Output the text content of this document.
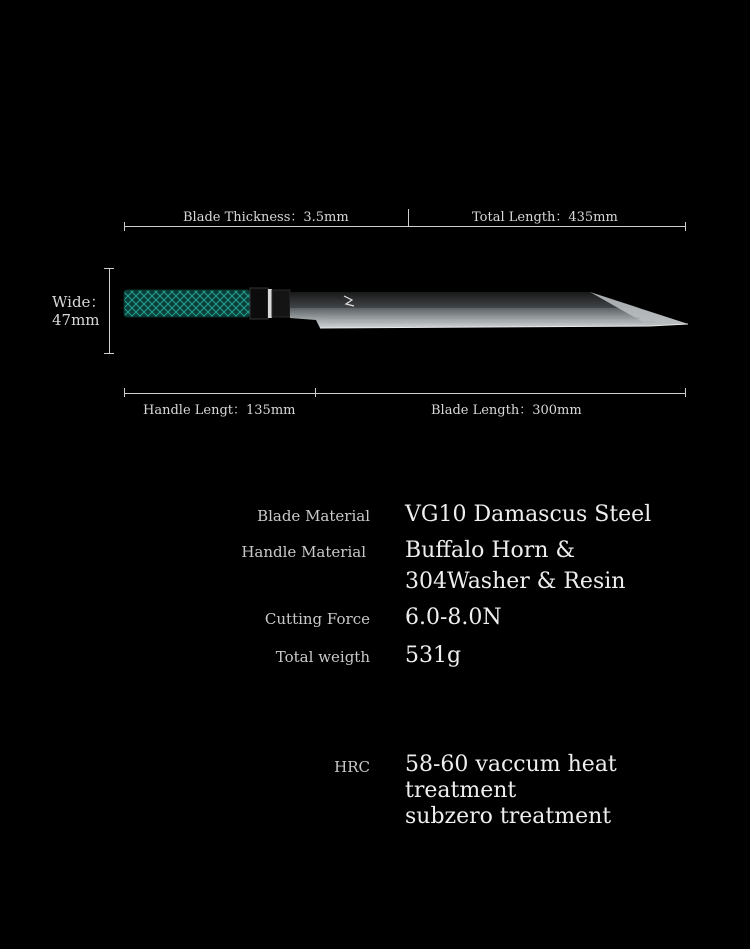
Blade Thickness：3.5mm	Total Length：435mm
Wide：
47mm
Handle Lengt：135mm	Blade Length：300mm
Blade Material VG10 Damascus Steel
Handle Material Buffalo Horn &
304Washer & Resin
Cutting Force 6.0-8.0N
Total weigth 531g
HRC 58-60 vaccum heat
treatment
subzero treatment
